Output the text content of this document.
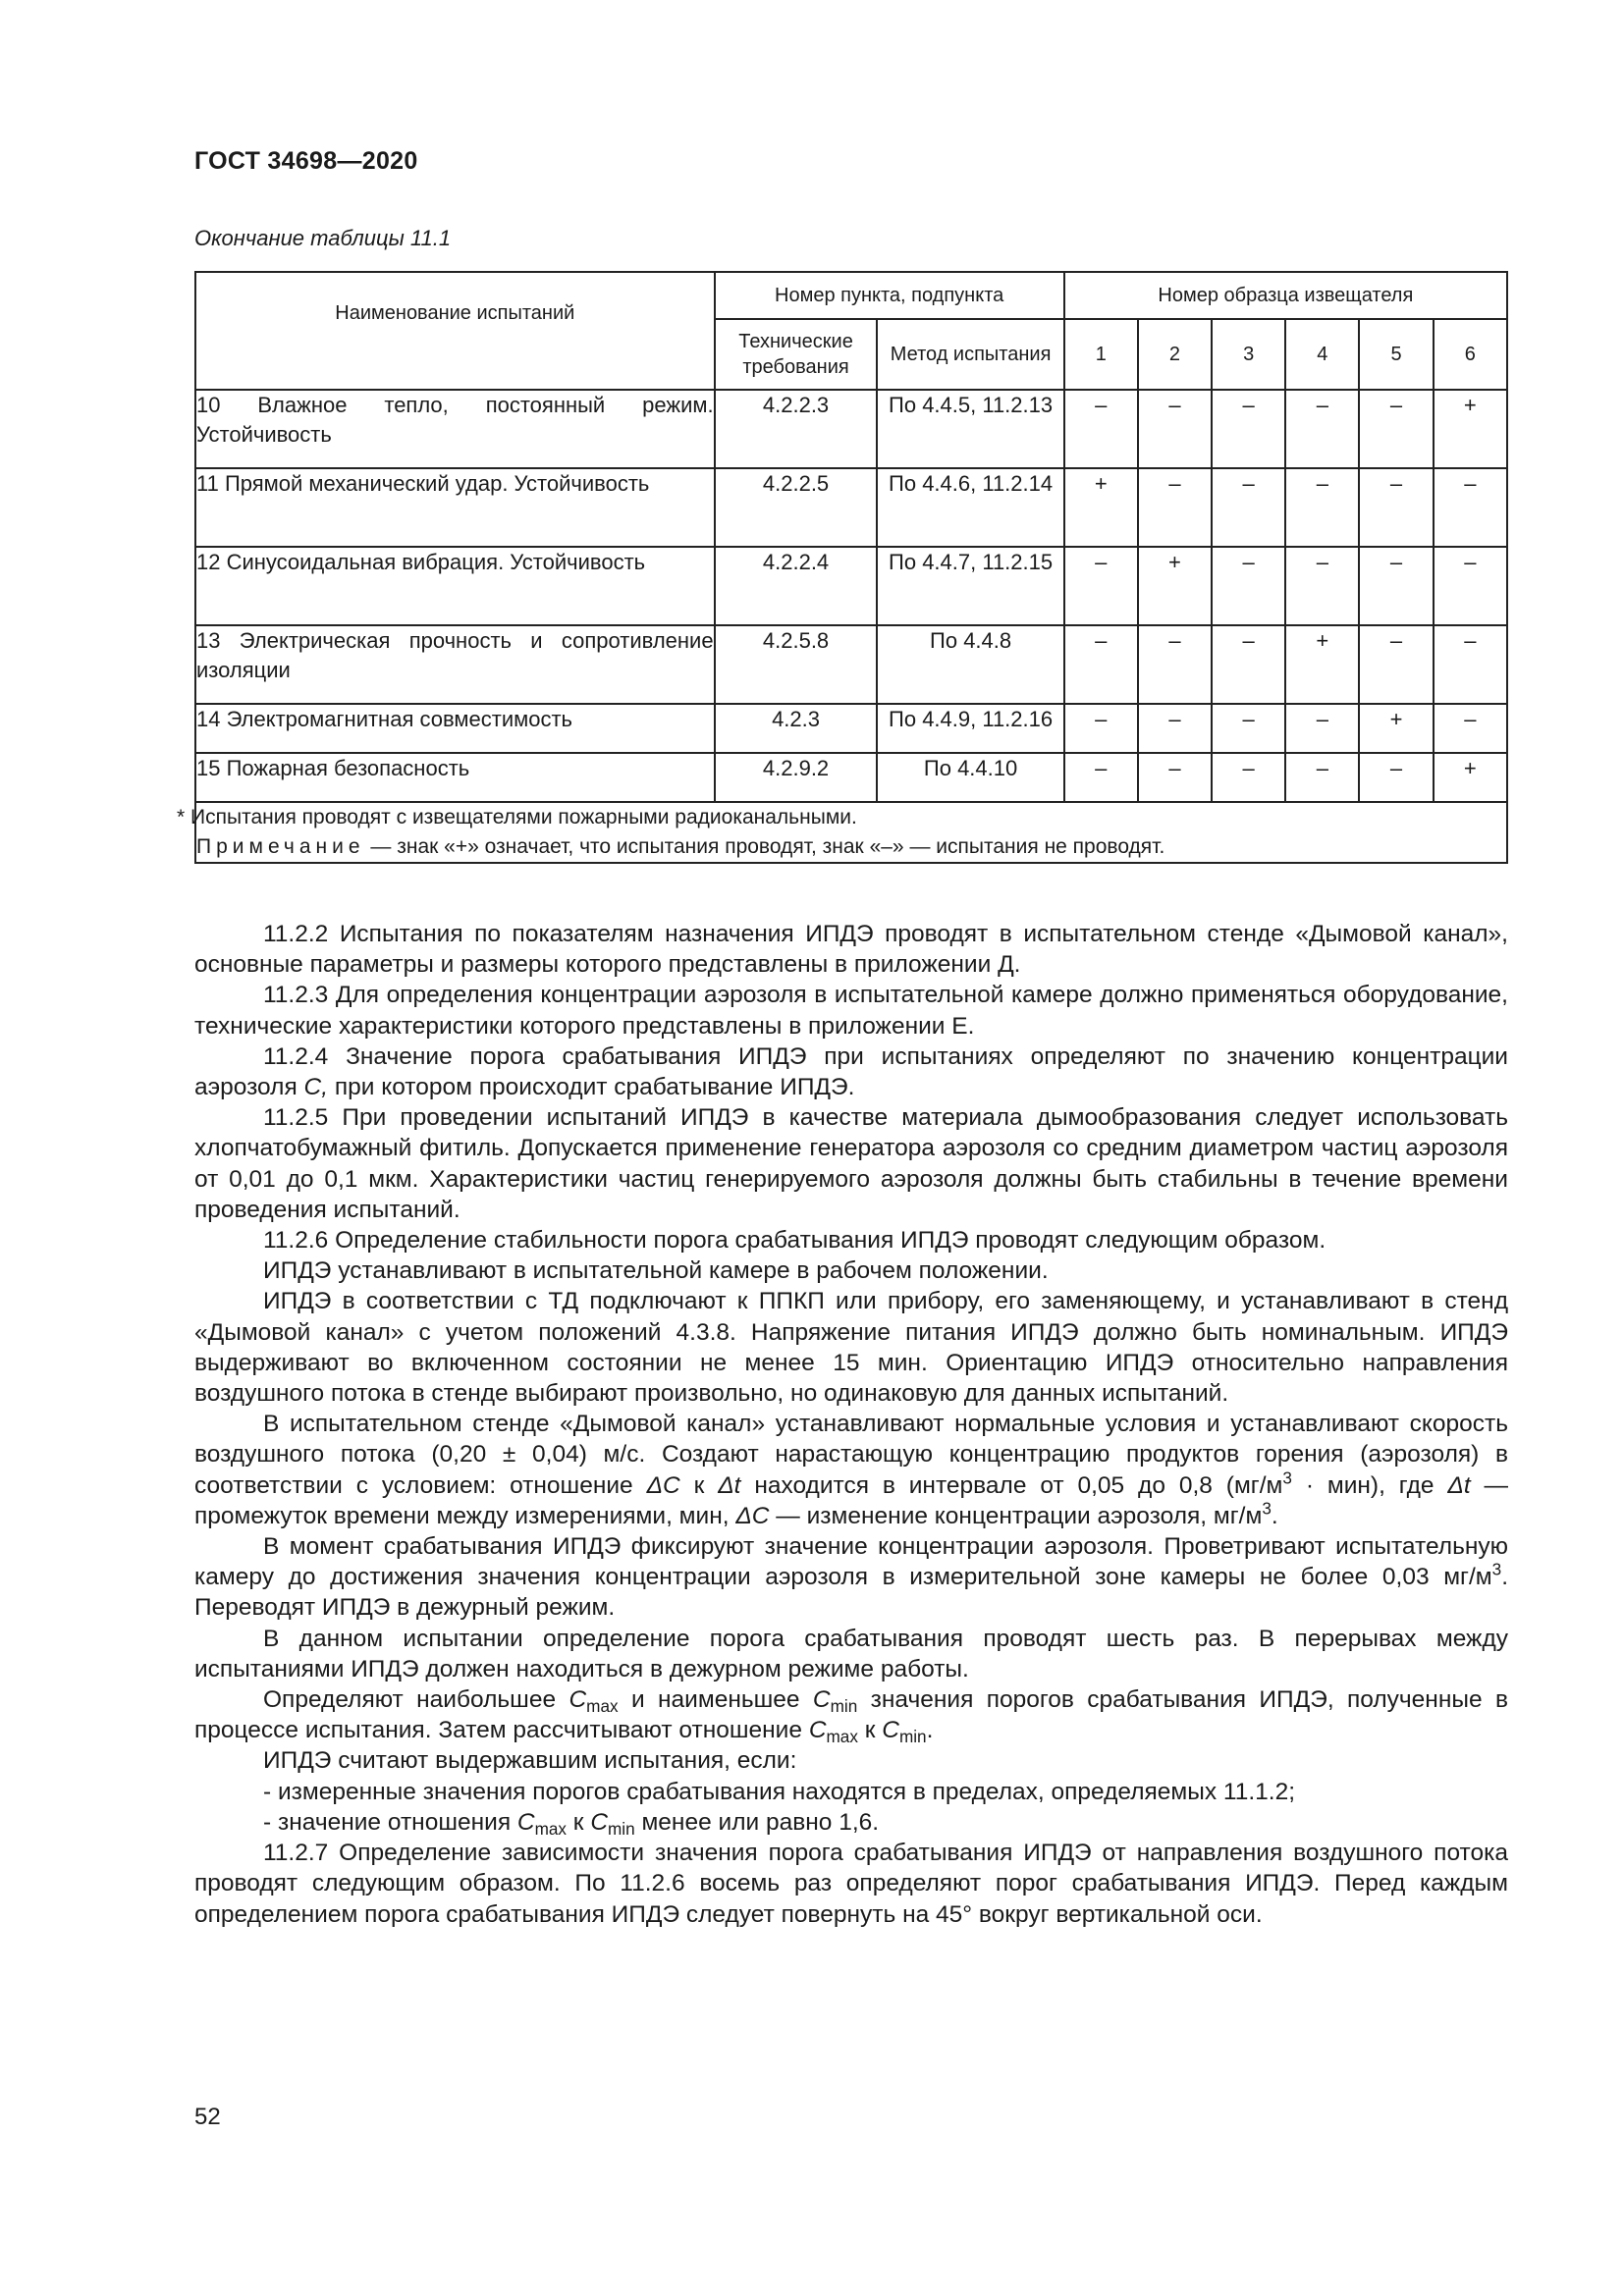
ГОСТ 34698—2020
Окончание таблицы 11.1
Наименование испытаний	Номер пункта, подпункта		Номер образца извещателя					
	Технические требования	Метод испытания	1	2	3	4	5	6
10 Влажное тепло, постоянный режим. Устойчивость	4.2.2.3	По 4.4.5, 11.2.13	–	–	–	–	–	+
11 Прямой механический удар. Устойчивость	4.2.2.5	По 4.4.6, 11.2.14	+	–	–	–	–	–
12 Синусоидальная вибрация. Устойчивость	4.2.2.4	По 4.4.7, 11.2.15	–	+	–	–	–	–
13 Электрическая прочность и сопротивление изоляции	4.2.5.8	По 4.4.8	–	–	–	+	–	–
14 Электромагнитная совместимость	4.2.3	По 4.4.9, 11.2.16	–	–	–	–	+	–
15 Пожарная безопасность	4.2.9.2	По 4.4.10	–	–	–	–	–	+

* Испытания проводят с извещателями пожарными радиоканальными.
Примечание — знак «+» означает, что испытания проводят, знак «–» — испытания не проводят.								

11.2.2 Испытания по показателям назначения ИПДЭ проводят в испытательном стенде «Дымовой канал», основные параметры и размеры которого представлены в приложении Д.

11.2.3 Для определения концентрации аэрозоля в испытательной камере должно применяться оборудование, технические характеристики которого представлены в приложении Е.

11.2.4 Значение порога срабатывания ИПДЭ при испытаниях определяют по значению концентрации аэрозоля C, при котором происходит срабатывание ИПДЭ.

11.2.5 При проведении испытаний ИПДЭ в качестве материала дымообразования следует использовать хлопчатобумажный фитиль. Допускается применение генератора аэрозоля со средним диаметром частиц аэрозоля от 0,01 до 0,1 мкм. Характеристики частиц генерируемого аэрозоля должны быть стабильны в течение времени проведения испытаний.

11.2.6 Определение стабильности порога срабатывания ИПДЭ проводят следующим образом.

ИПДЭ устанавливают в испытательной камере в рабочем положении.

ИПДЭ в соответствии с ТД подключают к ППКП или прибору, его заменяющему, и устанавливают в стенд «Дымовой канал» с учетом положений 4.3.8. Напряжение питания ИПДЭ должно быть номинальным. ИПДЭ выдерживают во включенном состоянии не менее 15 мин. Ориентацию ИПДЭ относительно направления воздушного потока в стенде выбирают произвольно, но одинаковую для данных испытаний.

В испытательном стенде «Дымовой канал» устанавливают нормальные условия и устанавливают скорость воздушного потока (0,20 ± 0,04) м/с. Создают нарастающую концентрацию продуктов горения (аэрозоля) в соответствии с условием: отношение ΔC к Δt находится в интервале от 0,05 до 0,8 $(мг/м^3 \cdot мин)$, где Δt — промежуток времени между измерениями, мин, ΔC — изменение концентрации аэрозоля, $мг/м^3$.

В момент срабатывания ИПДЭ фиксируют значение концентрации аэрозоля. Проветривают испытательную камеру до достижения значения концентрации аэрозоля в измерительной зоне камеры не более 0,03 $мг/м^3$. Переводят ИПДЭ в дежурный режим.

В данном испытании определение порога срабатывания проводят шесть раз. В перерывах между испытаниями ИПДЭ должен находиться в дежурном режиме работы.

Определяют наибольшее $C_{max}$ и наименьшее $C_{min}$ значения порогов срабатывания ИПДЭ, полученные в процессе испытания. Затем рассчитывают отношение $C_{max}$ к $C_{min}$.

ИПДЭ считают выдержавшим испытания, если:

- измеренные значения порогов срабатывания находятся в пределах, определяемых 11.1.2;

- значение отношения $C_{max}$ к $C_{min}$ менее или равно 1,6.

11.2.7 Определение зависимости значения порога срабатывания ИПДЭ от направления воздушного потока проводят следующим образом. По 11.2.6 восемь раз определяют порог срабатывания ИПДЭ. Перед каждым определением порога срабатывания ИПДЭ следует повернуть на 45° вокруг вертикальной оси.

52
